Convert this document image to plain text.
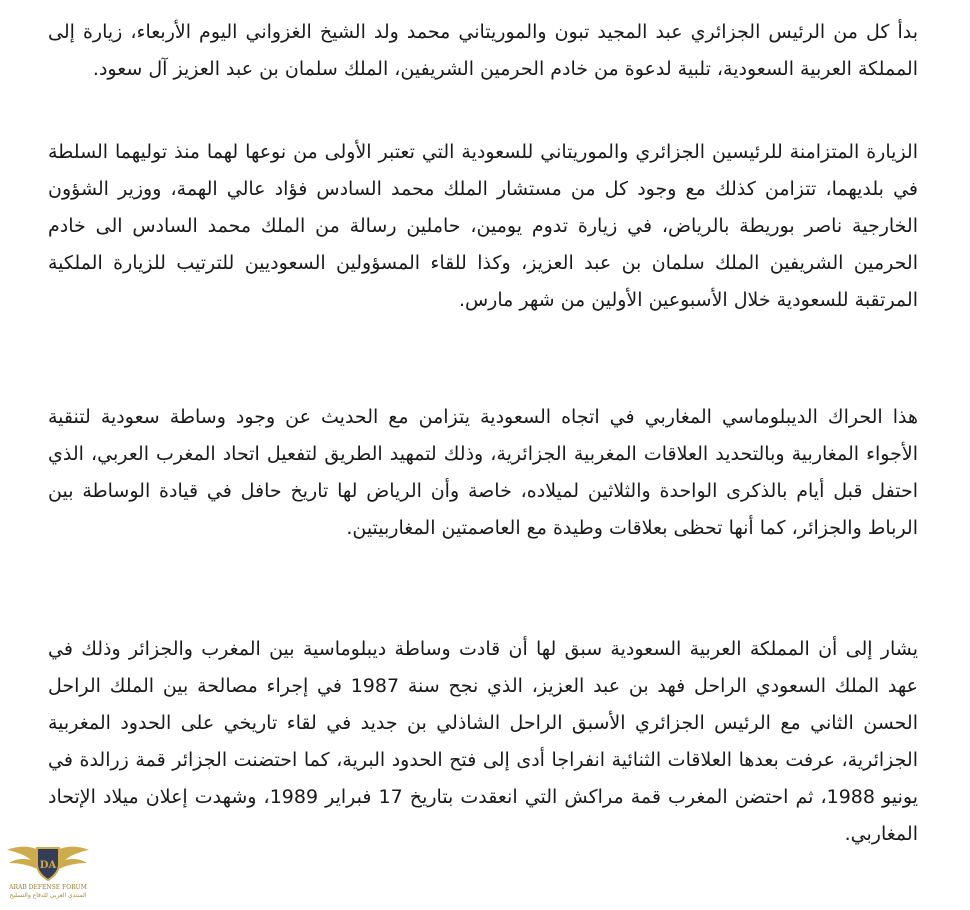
بدأ كل من الرئيس الجزائري عبد المجيد تبون والموريتاني محمد ولد الشيخ الغزواني اليوم الأربعاء، زيارة إلى المملكة العربية السعودية، تلبية لدعوة من خادم الحرمين الشريفين، الملك سلمان بن عبد العزيز آل سعود.

الزيارة المتزامنة للرئيسين الجزائري والموريتاني للسعودية التي تعتبر الأولى من نوعها لهما منذ توليهما السلطة في بلديهما، تتزامن كذلك مع وجود كل من مستشار الملك محمد السادس فؤاد عالي الهمة، ووزير الشؤون الخارجية ناصر بوريطة بالرياض، في زيارة تدوم يومين، حاملين رسالة من الملك محمد السادس الى خادم الحرمين الشريفين الملك سلمان بن عبد العزيز، وكذا للقاء المسؤولين السعوديين للترتيب للزيارة الملكية المرتقبة للسعودية خلال الأسبوعين الأولين من شهر مارس.

هذا الحراك الديبلوماسي المغاربي في اتجاه السعودية يتزامن مع الحديث عن وجود وساطة سعودية لتنقية الأجواء المغاربية وبالتحديد العلاقات المغربية الجزائرية، وذلك لتمهيد الطريق لتفعيل اتحاد المغرب العربي، الذي احتفل قبل أيام بالذكرى الواحدة والثلاثين لميلاده، خاصة وأن الرياض لها تاريخ حافل في قيادة الوساطة بين الرباط والجزائر، كما أنها تحظى بعلاقات وطيدة مع العاصمتين المغاربيتين.

يشار إلى أن المملكة العربية السعودية سبق لها أن قادت وساطة ديبلوماسية بين المغرب والجزائر وذلك في عهد الملك السعودي الراحل فهد بن عبد العزيز، الذي نجح سنة 1987 في إجراء مصالحة بين الملك الراحل الحسن الثاني مع الرئيس الجزائري الأسبق الراحل الشاذلي بن جديد في لقاء تاريخي على الحدود المغربية الجزائرية، عرفت بعدها العلاقات الثنائية انفراجا أدى إلى فتح الحدود البرية، كما احتضنت الجزائر قمة زرالدة في يونيو 1988، ثم احتضن المغرب قمة مراكش التي انعقدت بتاريخ 17 فبراير 1989، وشهدت إعلان ميلاد الإتحاد المغاربي.

DA
ARAB DEFENSE FORUM
المنتدى العربي للدفاع والتسليح
